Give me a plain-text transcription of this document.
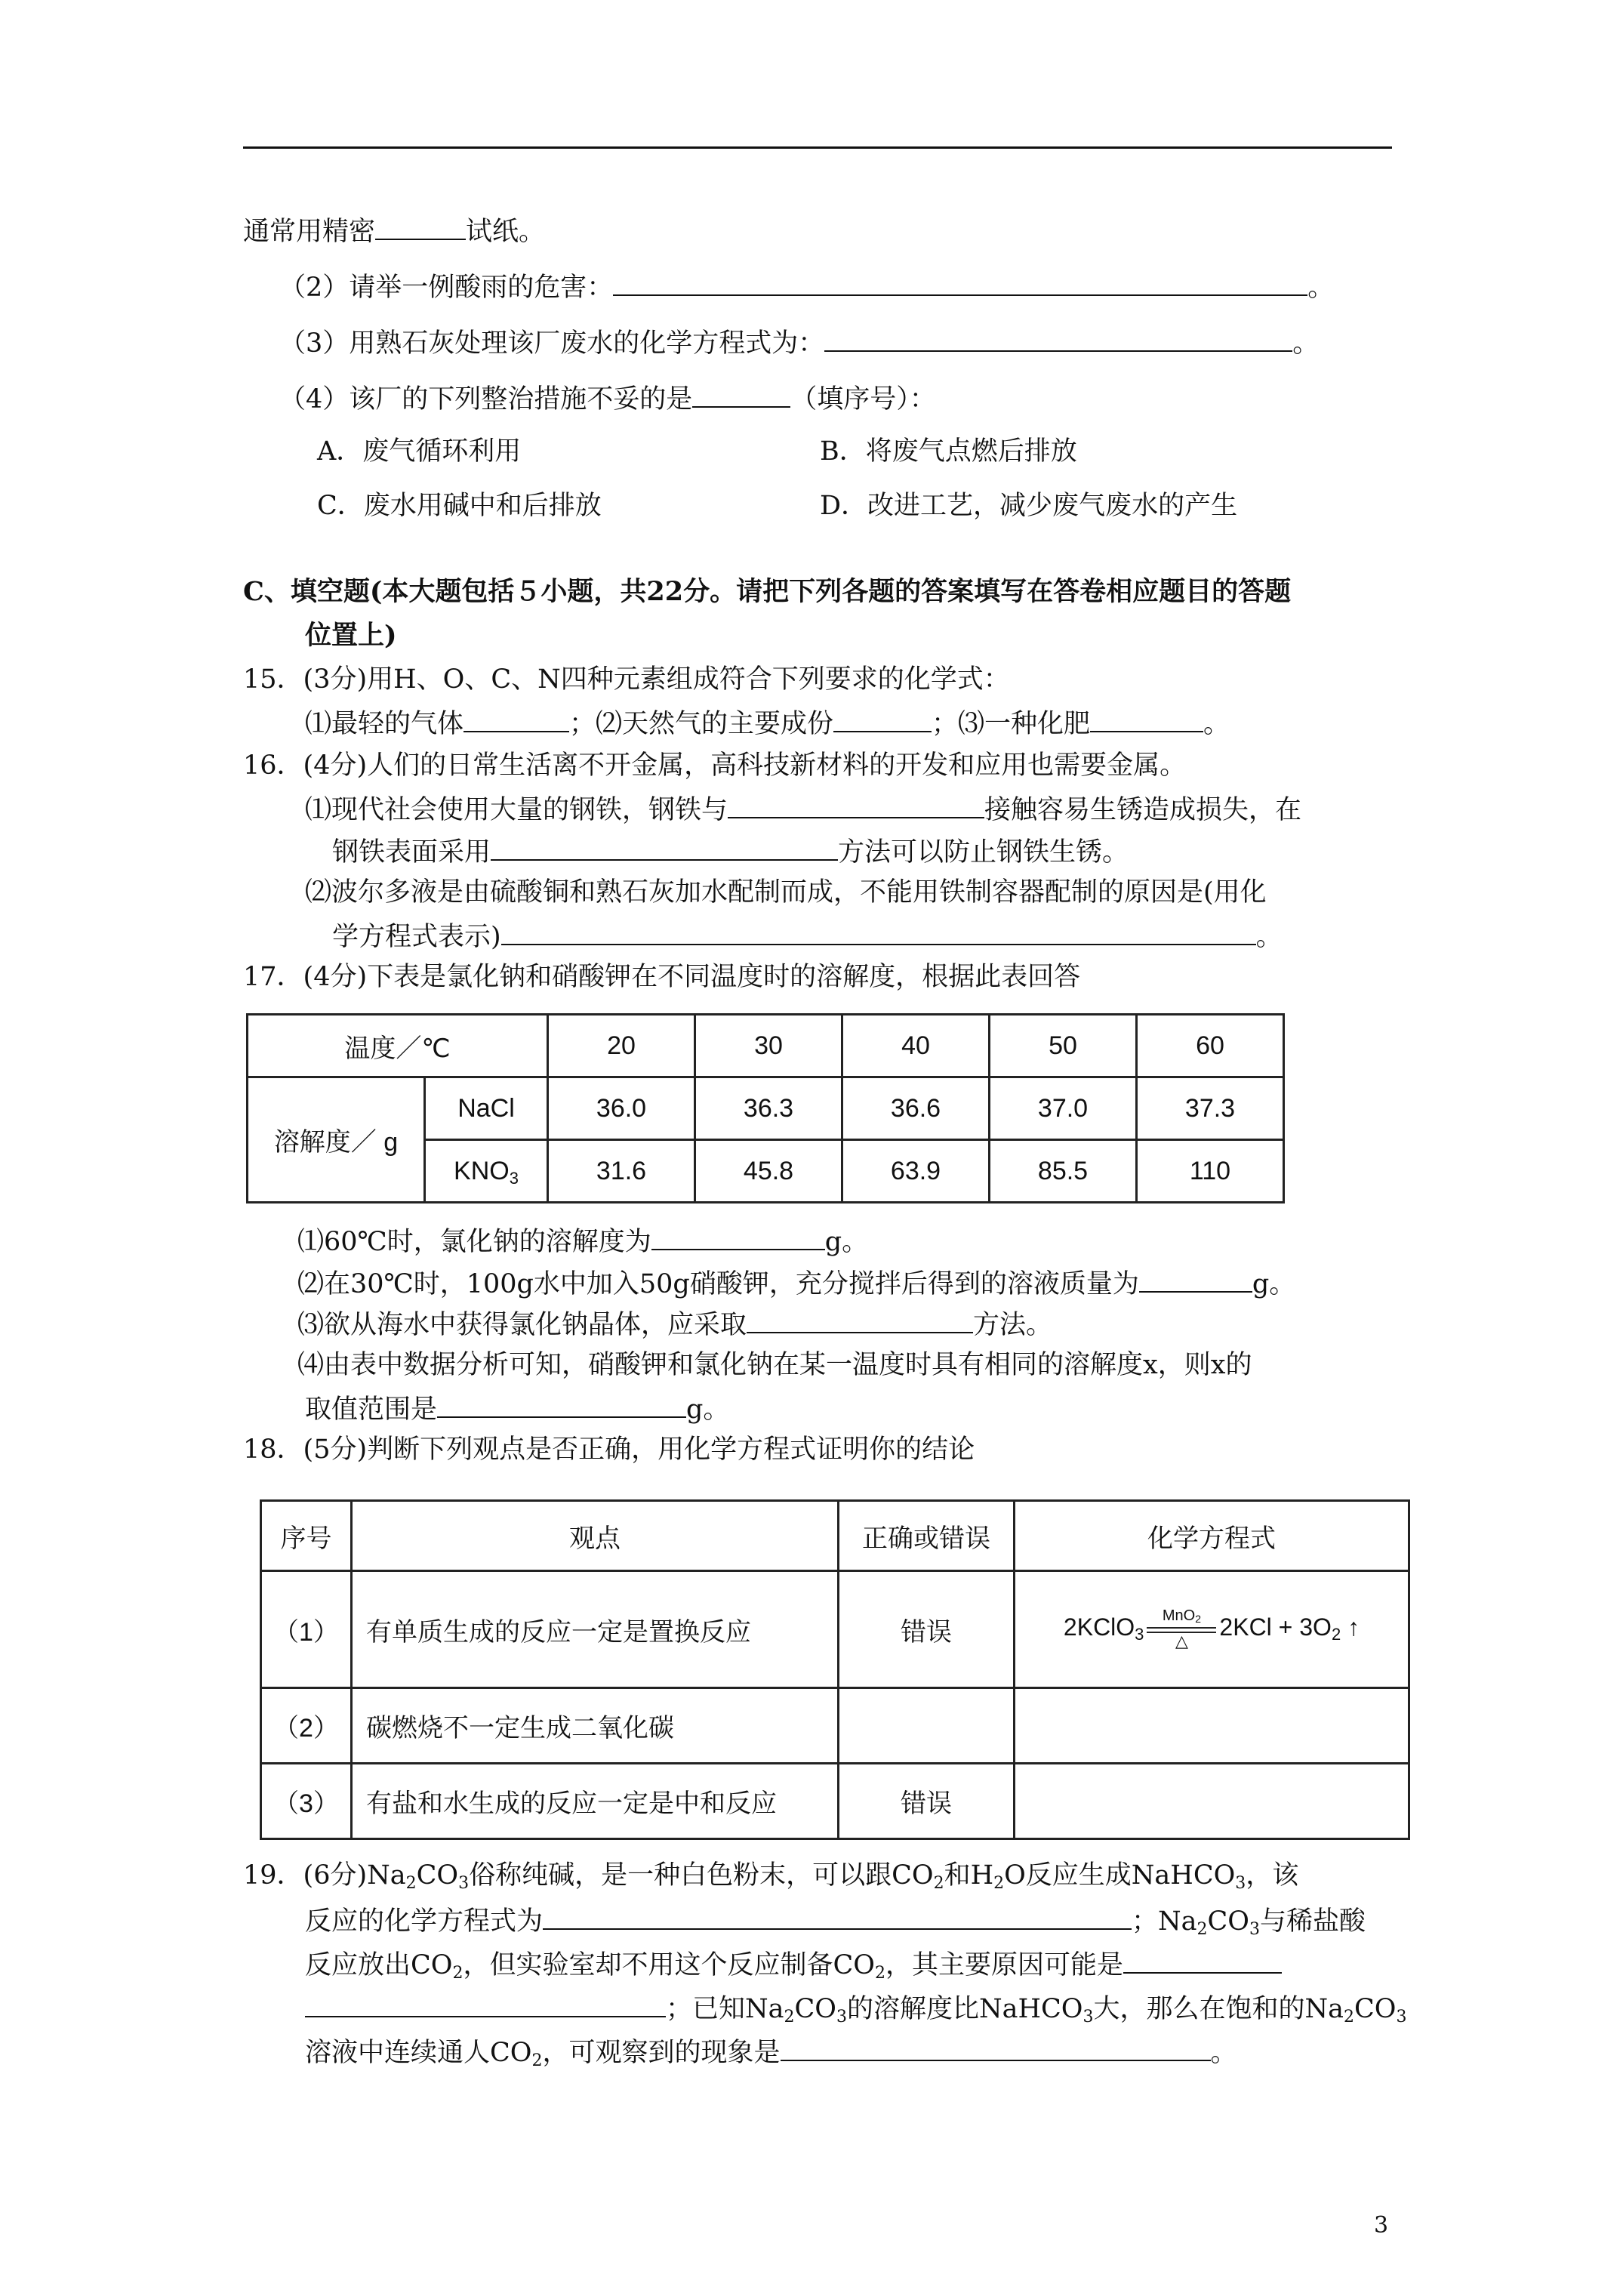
通常用精密	试纸。
（2）请举一例酸雨的危害：	。
（3）用熟石灰处理该厂废水的化学方程式为：	。
（4）该厂的下列整治措施不妥的是	（填序号）：
A．废气循环利用	B．将废气点燃后排放
C．废水用碱中和后排放	D．改进工艺，减少废气废水的产生
C、填空题(本大题包括５小题，共22分。请把下列各题的答案填写在答卷相应题目的答题
位置上)
15．(3分)用H、O、C、N四种元素组成符合下列要求的化学式：
⑴最轻的气体	；⑵天然气的主要成份	；⑶一种化肥	。
16．(4分)人们的日常生活离不开金属，高科技新材料的开发和应用也需要金属。
⑴现代社会使用大量的钢铁，钢铁与	接触容易生锈造成损失，在
钢铁表面采用	方法可以防止钢铁生锈。
⑵波尔多液是由硫酸铜和熟石灰加水配制而成，不能用铁制容器配制的原因是(用化
学方程式表示)	。
17．(4分)下表是氯化钠和硝酸钾在不同温度时的溶解度，根据此表回答
温度／℃		20	30	40	50	60
溶解度／ g	NaCl	36.0	36.3	36.6	37.0	37.3
	$KNO_3$	31.6	45.8	63.9	85.5	110
⑴60℃时，氯化钠的溶解度为	g。
⑵在30℃时，100g水中加入50g硝酸钾，充分搅拌后得到的溶液质量为	g。
⑶欲从海水中获得氯化钠晶体，应采取	方法。
⑷由表中数据分析可知，硝酸钾和氯化钠在某一温度时具有相同的溶解度x，则x的
取值范围是	g。
18．(5分)判断下列观点是否正确，用化学方程式证明你的结论
序号	观点	正确或错误	化学方程式
（1）	有单质生成的反应一定是置换反应	错误	2KClO$_3$
MnO$_2$
△
$2KCl + 3O_2$ ↑
（2）	碳燃烧不一定生成二氧化碳		
（3）	有盐和水生成的反应一定是中和反应	错误	
19．(6分)$Na_2CO_3$俗称纯碱，是一种白色粉末，可以跟$CO_2$和$H_2O$反应生成NaHCO$_3$，该
反应的化学方程式为	；$Na_2CO_3$与稀盐酸
反应放出$CO_2$，但实验室却不用这个反应制备$CO_2$，其主要原因可能是
；已知$Na_2CO_3$的溶解度比NaHCO$_3$大，那么在饱和的$Na_2CO_3$
溶液中连续通人$CO_2$，可观察到的现象是	。
3
